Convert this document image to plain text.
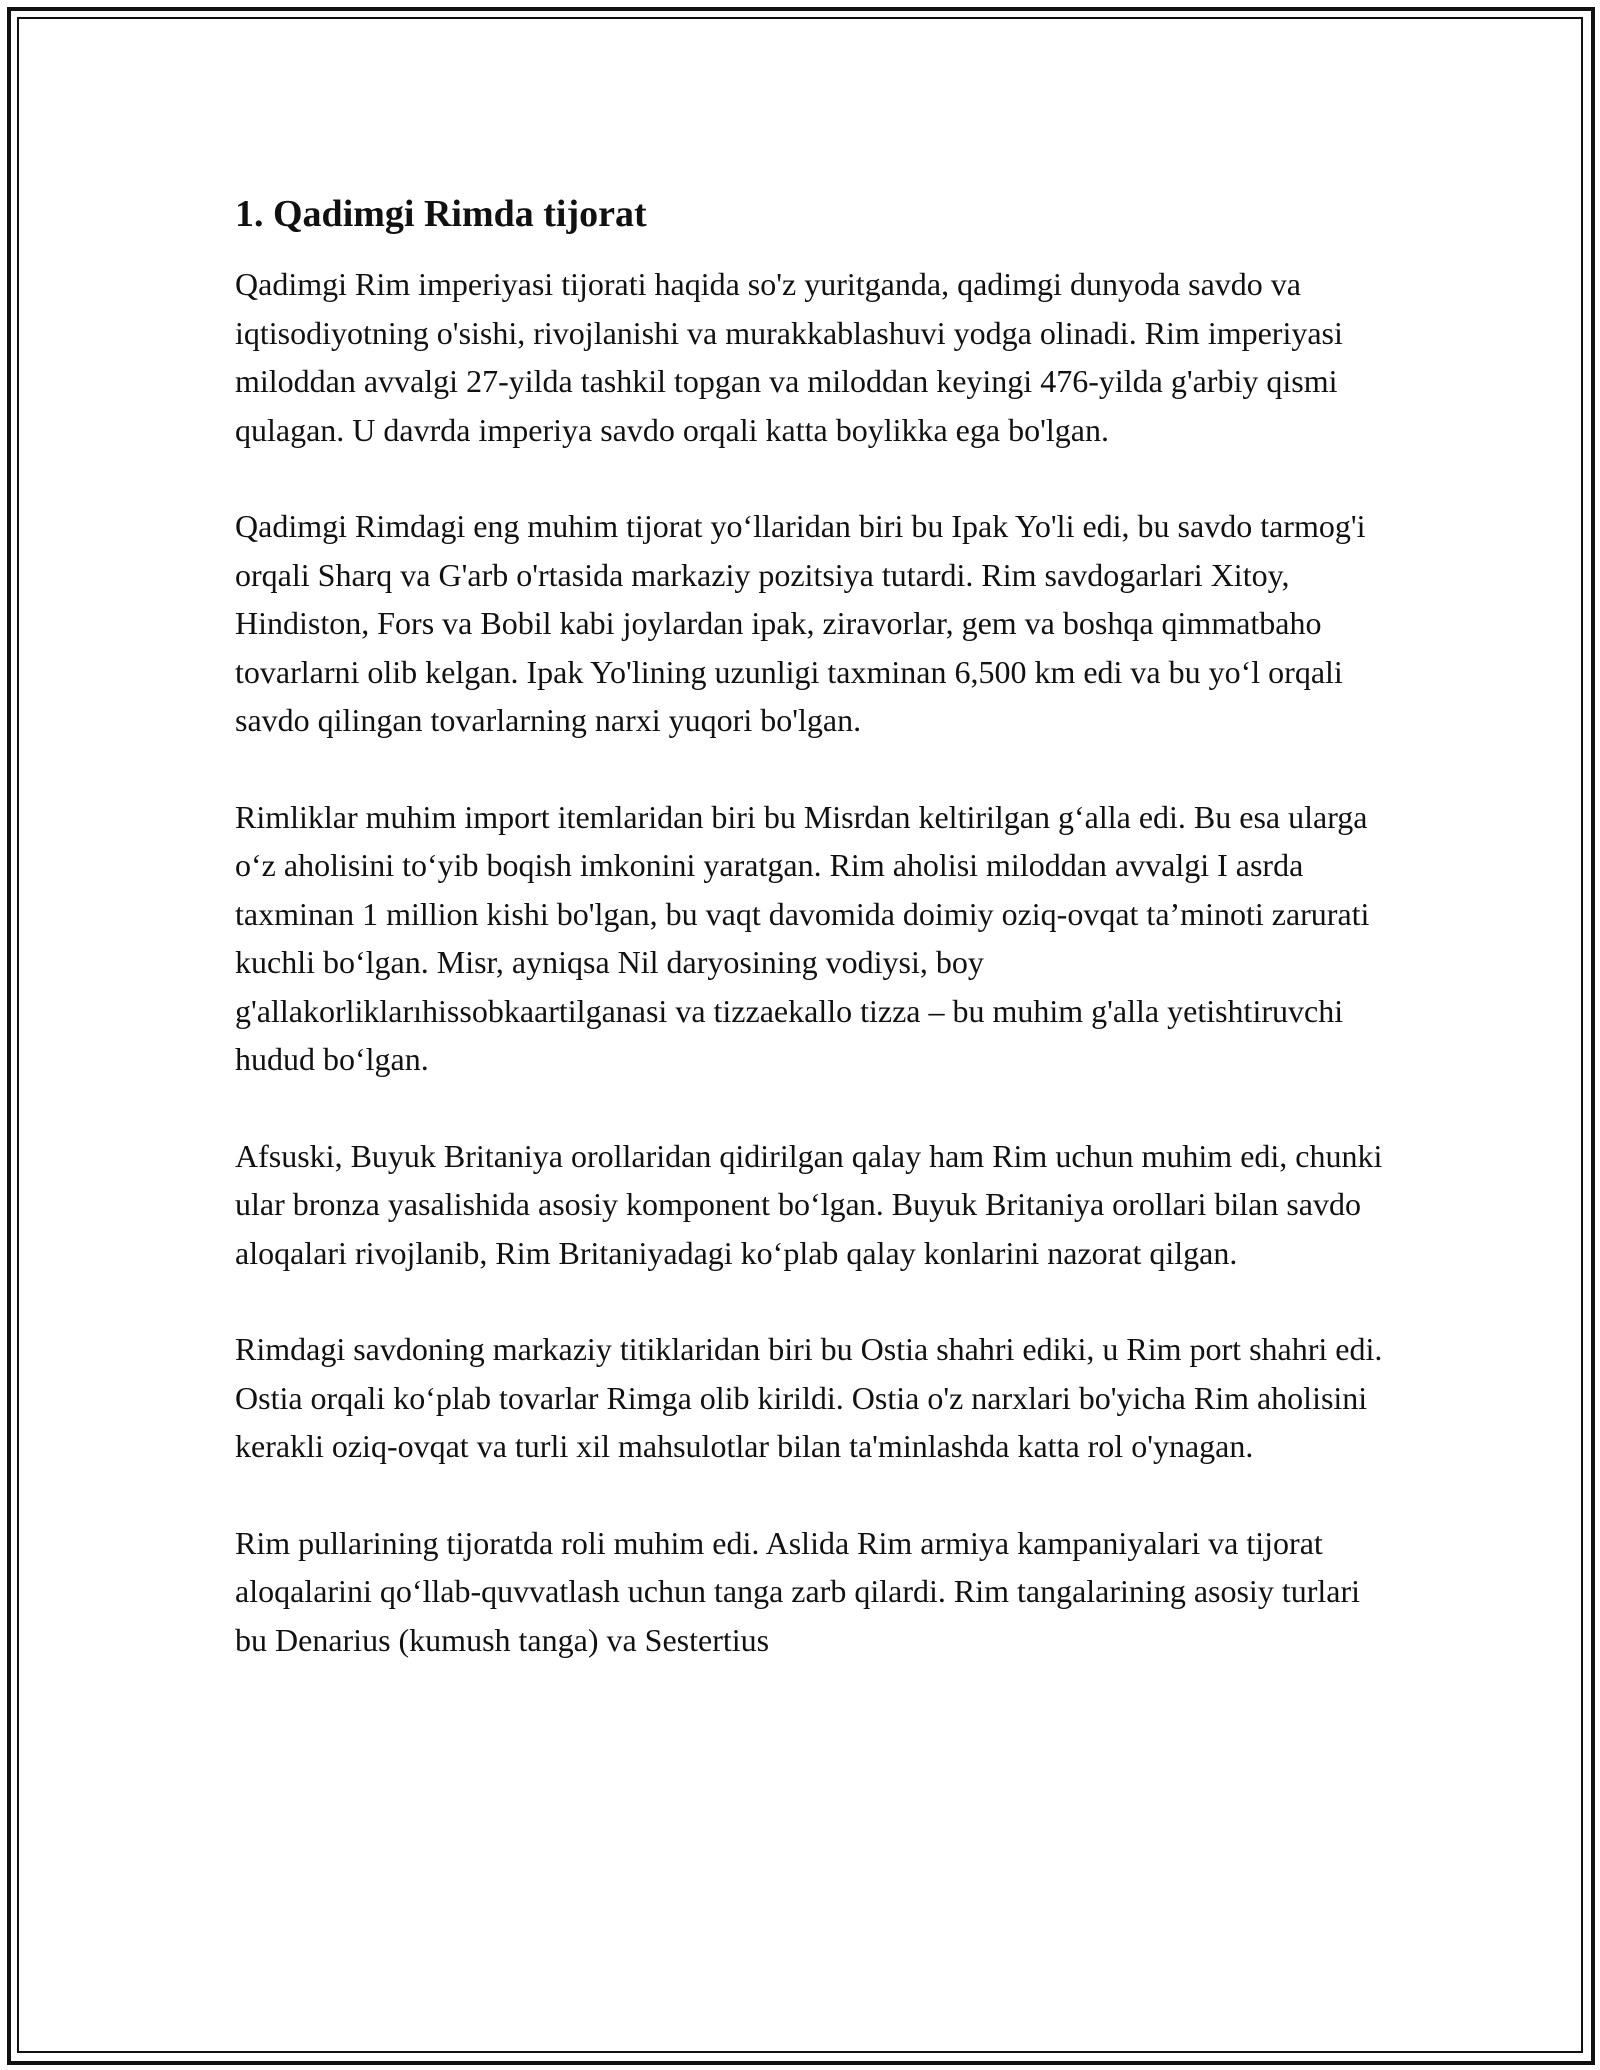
1. Qadimgi Rimda tijorat

Qadimgi Rim imperiyasi tijorati haqida so'z yuritganda, qadimgi dunyoda savdo va iqtisodiyotning o'sishi, rivojlanishi va murakkablashuvi yodga olinadi. Rim imperiyasi miloddan avvalgi 27-yilda tashkil topgan va miloddan keyingi 476-yilda g'arbiy qismi qulagan. U davrda imperiya savdo orqali katta boylikka ega bo'lgan.

Qadimgi Rimdagi eng muhim tijorat yo‘llaridan biri bu Ipak Yo'li edi, bu savdo tarmog'i orqali Sharq va G'arb o'rtasida markaziy pozitsiya tutardi. Rim savdogarlari Xitoy, Hindiston, Fors va Bobil kabi joylardan ipak, ziravorlar, gem va boshqa qimmatbaho tovarlarni olib kelgan. Ipak Yo'lining uzunligi taxminan 6,500 km edi va bu yo‘l orqali savdo qilingan tovarlarning narxi yuqori bo'lgan.

Rimliklar muhim import itemlaridan biri bu Misrdan keltirilgan g‘alla edi. Bu esa ularga o‘z aholisini to‘yib boqish imkonini yaratgan. Rim aholisi miloddan avvalgi I asrda taxminan 1 million kishi bo'lgan, bu vaqt davomida doimiy oziq-ovqat ta’minoti zarurati kuchli bo‘lgan. Misr, ayniqsa Nil daryosining vodiysi, boy g'allakorliklarıhissobkaartilganasi va tizzaekallo tizza – bu muhim g'alla yetishtiruvchi hudud bo‘lgan.

Afsuski, Buyuk Britaniya orollaridan qidirilgan qalay ham Rim uchun muhim edi, chunki ular bronza yasalishida asosiy komponent bo‘lgan. Buyuk Britaniya orollari bilan savdo aloqalari rivojlanib, Rim Britaniyadagi ko‘plab qalay konlarini nazorat qilgan.

Rimdagi savdoning markaziy titiklaridan biri bu Ostia shahri ediki, u Rim port shahri edi. Ostia orqali ko‘plab tovarlar Rimga olib kirildi. Ostia o'z narxlari bo'yicha Rim aholisini kerakli oziq-ovqat va turli xil mahsulotlar bilan ta'minlashda katta rol o'ynagan.

Rim pullarining tijoratda roli muhim edi. Aslida Rim armiya kampaniyalari va tijorat aloqalarini qo‘llab-quvvatlash uchun tanga zarb qilardi. Rim tangalarining asosiy turlari bu Denarius (kumush tanga) va Sestertius
